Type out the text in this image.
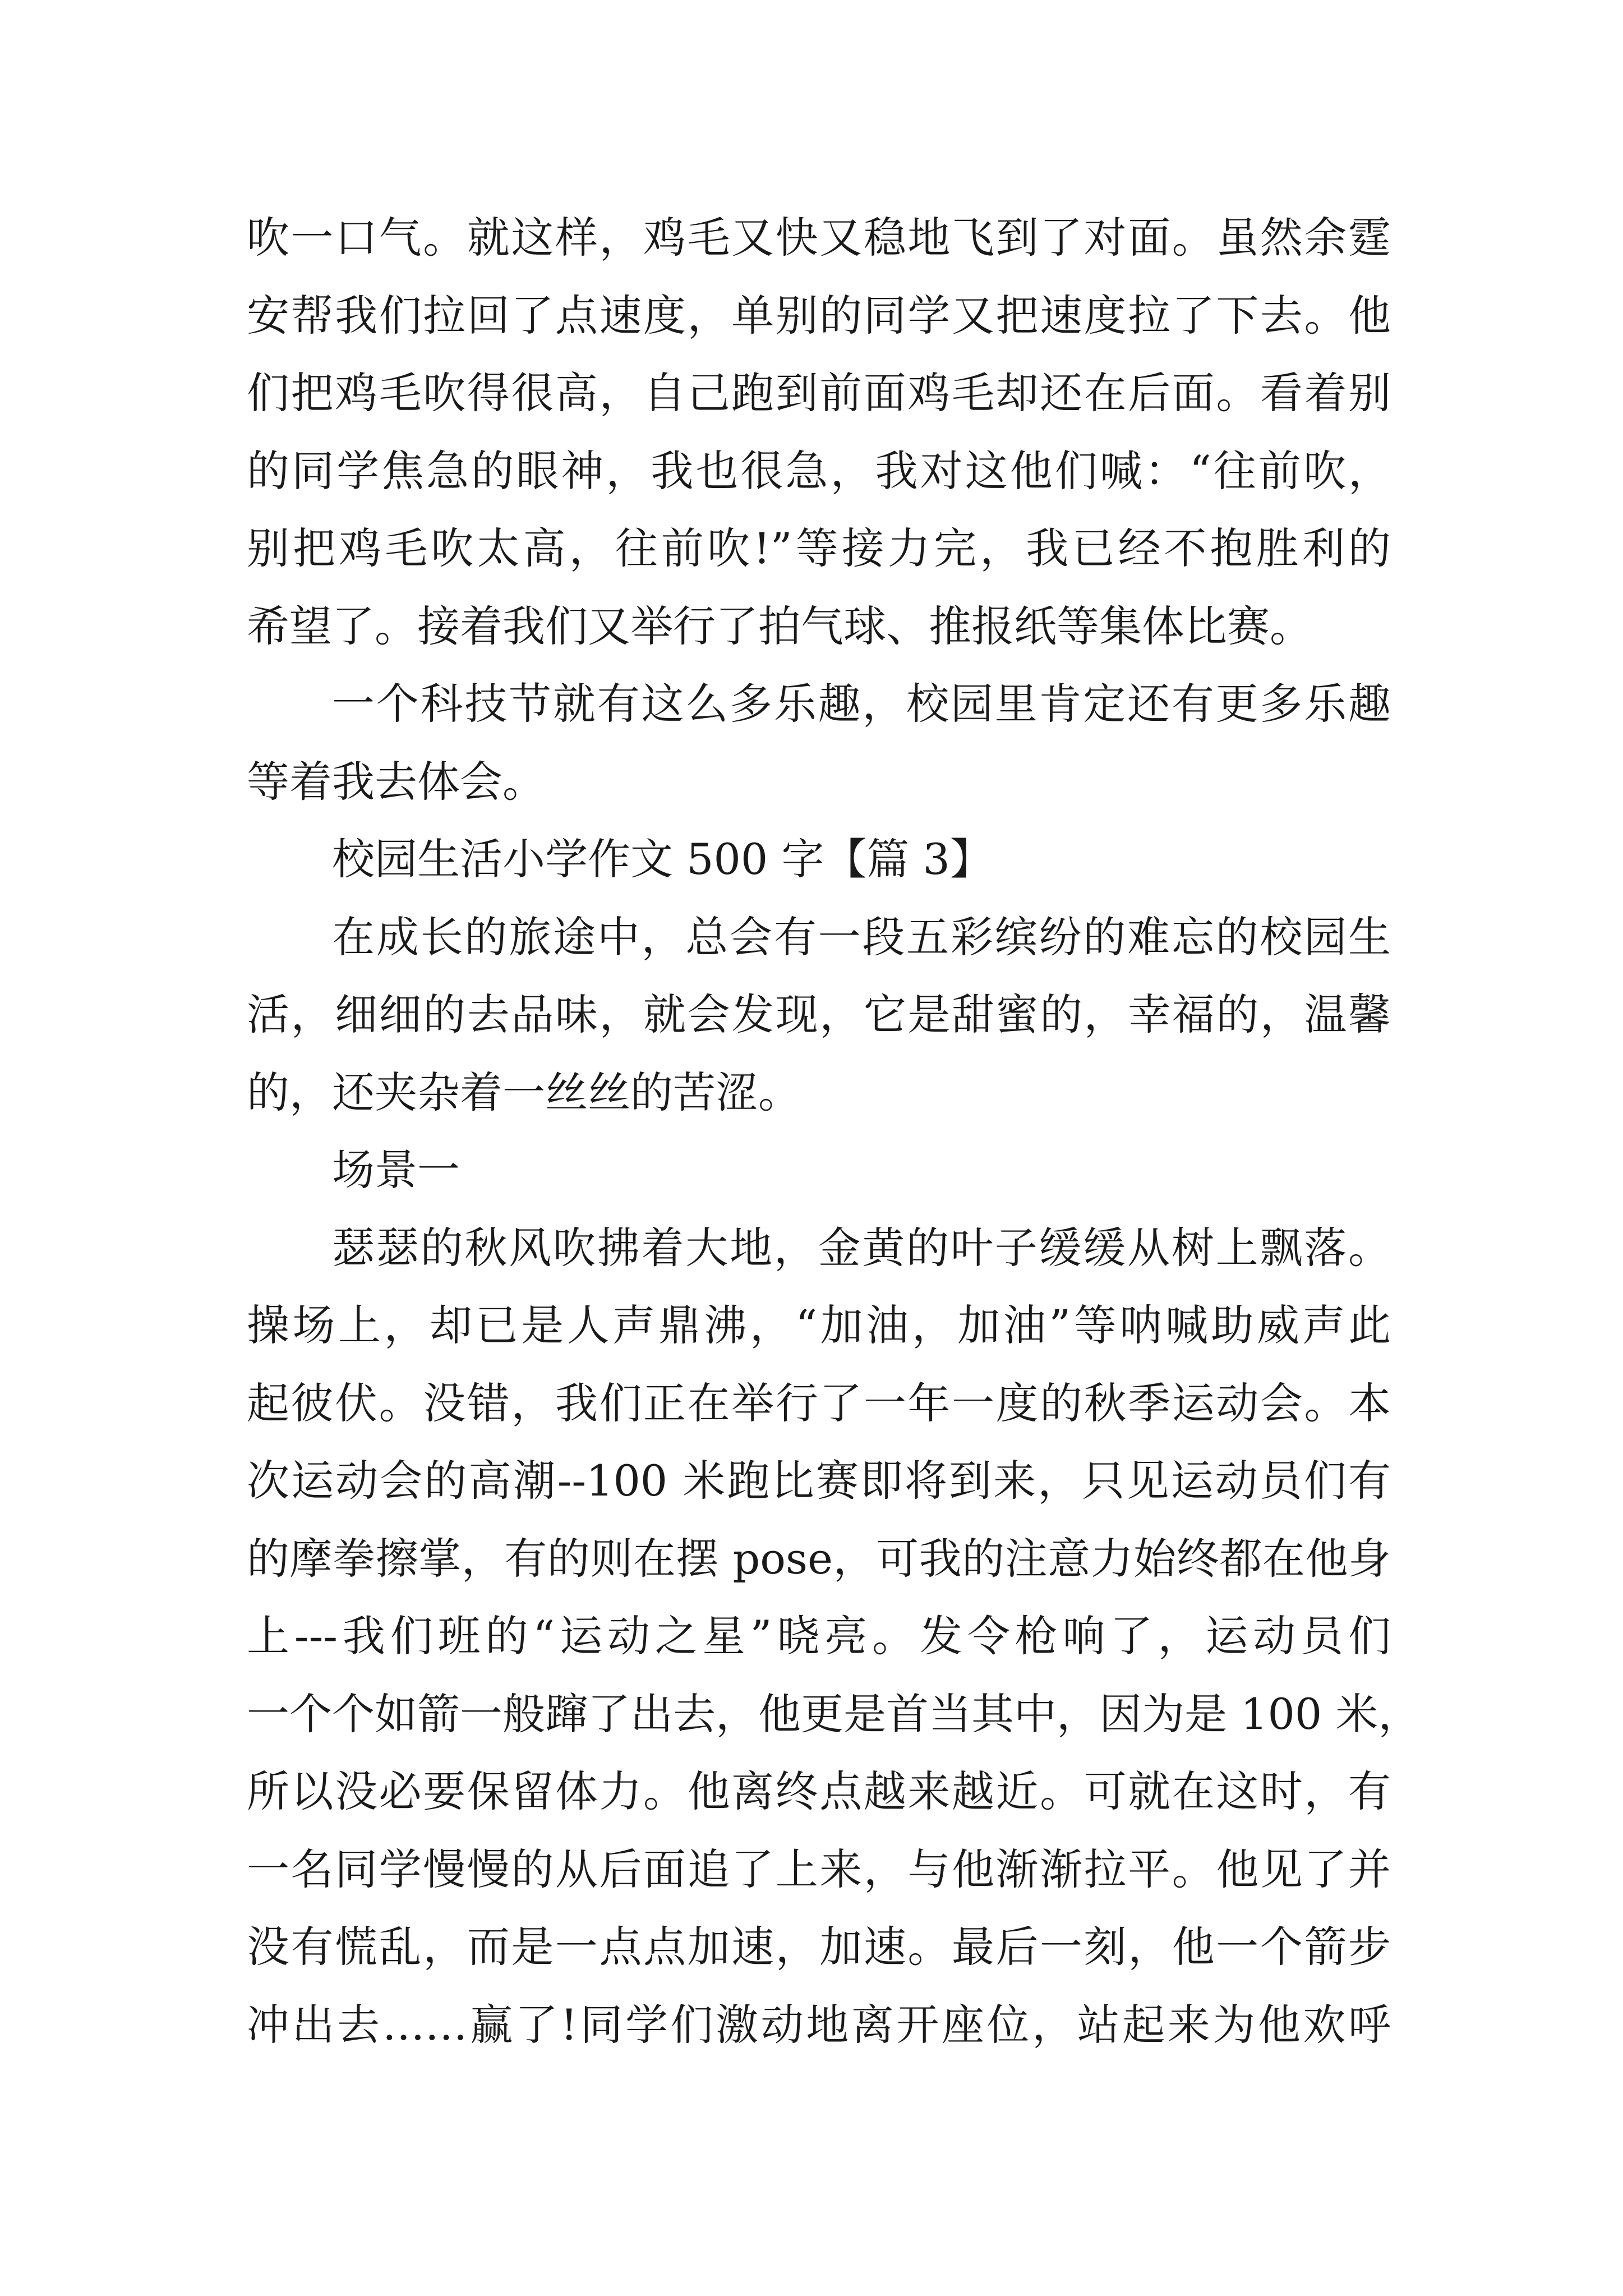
吹一口气。就这样，鸡毛又快又稳地飞到了对面。虽然余霆
安帮我们拉回了点速度，单别的同学又把速度拉了下去。他
们把鸡毛吹得很高，自己跑到前面鸡毛却还在后面。看着别
的同学焦急的眼神，我也很急，我对这他们喊：“往前吹，
别把鸡毛吹太高，往前吹!”等接力完，我已经不抱胜利的
希望了。接着我们又举行了拍气球、推报纸等集体比赛。
一个科技节就有这么多乐趣，校园里肯定还有更多乐趣
等着我去体会。
校园生活小学作文 500 字【篇 3】
在成长的旅途中，总会有一段五彩缤纷的难忘的校园生
活，细细的去品味，就会发现，它是甜蜜的，幸福的，温馨
的，还夹杂着一丝丝的苦涩。
场景一
瑟瑟的秋风吹拂着大地，金黄的叶子缓缓从树上飘落。
操场上，却已是人声鼎沸，“加油，加油”等呐喊助威声此
起彼伏。没错，我们正在举行了一年一度的秋季运动会。本
次运动会的高潮--100 米跑比赛即将到来，只见运动员们有
的摩拳擦掌，有的则在摆 pose，可我的注意力始终都在他身
上---我们班的“运动之星”晓亮。发令枪响了，运动员们
一个个如箭一般蹿了出去，他更是首当其中，因为是 100 米，
所以没必要保留体力。他离终点越来越近。可就在这时，有
一名同学慢慢的从后面追了上来，与他渐渐拉平。他见了并
没有慌乱，而是一点点加速，加速。最后一刻，他一个箭步
冲出去……赢了!同学们激动地离开座位，站起来为他欢呼
